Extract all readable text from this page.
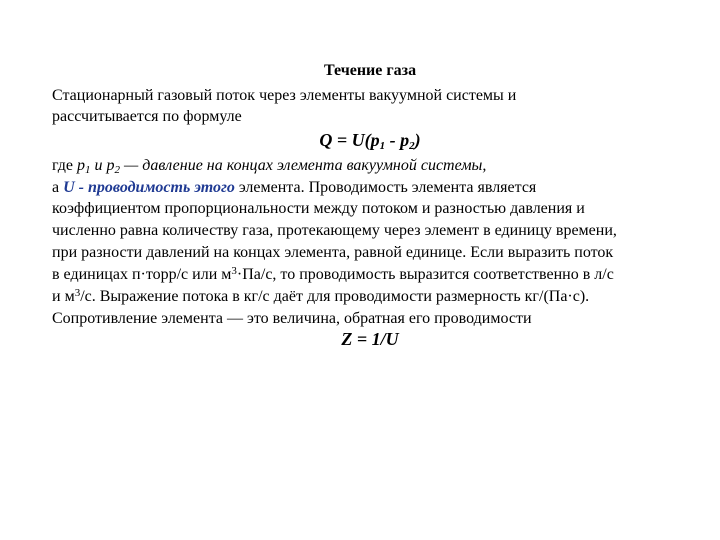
Течение газа
Стационарный газовый поток через элементы вакуумной системы и
рассчитывается по формуле
$Q = U(p_1 - p_2)$
где $p_1$ и $p_2$ — давление на концах элемента вакуумной системы,
а U - проводимость этого элемента. Проводимость элемента является
коэффициентом пропорциональности между потоком и разностью давления и
численно равна количеству газа, протекающему через элемент в единицу времени,
при разности давлений на концах элемента, равной единице. Если выразить поток
в единицах п·торр/с или $м^3\cdot Па/с$, то проводимость выразится соответственно в л/с
и $м^3/с$. Выражение потока в кг/с даёт для проводимости размерность кг/(Па·с).
Сопротивление элемента — это величина, обратная его проводимости
Z = 1/U
